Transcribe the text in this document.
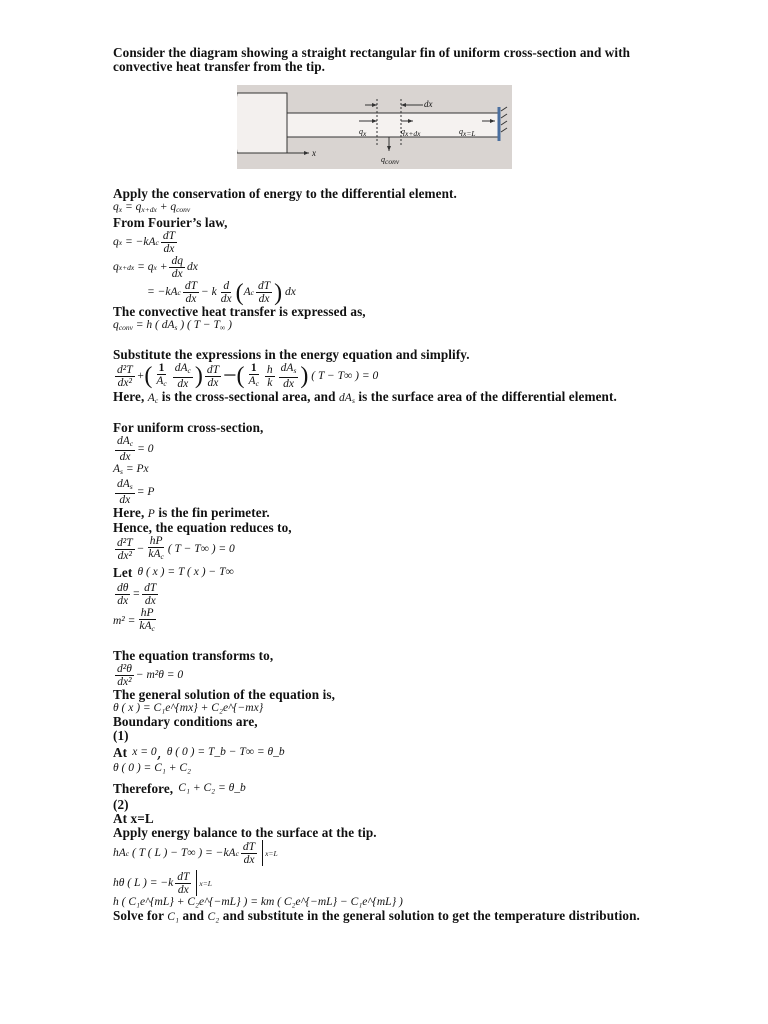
Consider the diagram showing a straight rectangular fin of uniform cross-section and with convective heat transfer from the tip.
dx
x
qx	qx+dx	qx=L
qconv
Apply the conservation of energy to the differential element.
$q_x = q_{x+dx} + q_{conv}$
From Fourier’s law,
q x
= −kA c $\frac{dT}{dx}$
q x+dx
= q x
+ $\frac{dq}{dx}$ dx
= −kA c $\frac{dT}{dx} - k \frac{d}{dx}$ ( A c $\frac{dT}{dx}$ )
dx
The convective heat transfer is expressed as,
$q_{conv} = h$ ( $dA_s$ ) ( $T - T_\infty$ )
Substitute the expressions in the energy equation and simplify.
$\frac{\text{d²T}}{\text{dx²}}$ + ( $\frac{1}{A_c} \frac{dA_c}{dx}$ ) $\frac{dT}{dx}$ −( $\frac{1}{A_c} \frac{h}{k} \frac{dA_s}{dx}$ )
( T − T∞ ) = 0
Here, $A_c$ is the cross-sectional area, and $dA_s$ is the surface area of the differential element.
For uniform cross-section,
$\frac{dA_c}{dx} = 0$
$A_s = Px$
$\frac{dA_s}{dx} = P$
Here, P is the fin perimeter.
Hence, the equation reduces to,
$\frac{\text{d²T}}{\text{dx²}} - \frac{hP}{kA_c}$ ( T − T∞ ) = 0
Let
θ ( x ) = T ( x ) − T∞
$\frac{d\theta}{dx} = \frac{dT}{dx}$
$m^2 = \frac{hP}{kA_c}$
The equation transforms to,
$\frac{\text{d²θ}}{\text{dx²}} - m^2\theta = 0$
The general solution of the equation is,
θ ( x ) = C₁e^{mx} + C₂e^{−mx}
Boundary conditions are,
(1)
At
x = 0 , θ ( 0 ) = T_b − T∞ = θ_b
θ ( 0 ) = C₁ + C₂
Therefore,
C₁ + C₂ = θ_b
(2)
At x=L
Apply energy balance to the surface at the tip.
hA c
( T ( L ) − T∞ ) = −kA c $\frac{dT}{dx} x=L$
hθ ( L ) = $-k \frac{dT}{dx} x=L$
h ( C₁e^{mL} + C₂e^{−mL} ) = km ( C₂e^{−mL} − C₁e^{mL} )
Solve for C₁ and C₂ and substitute in the general solution to get the temperature distribution.
